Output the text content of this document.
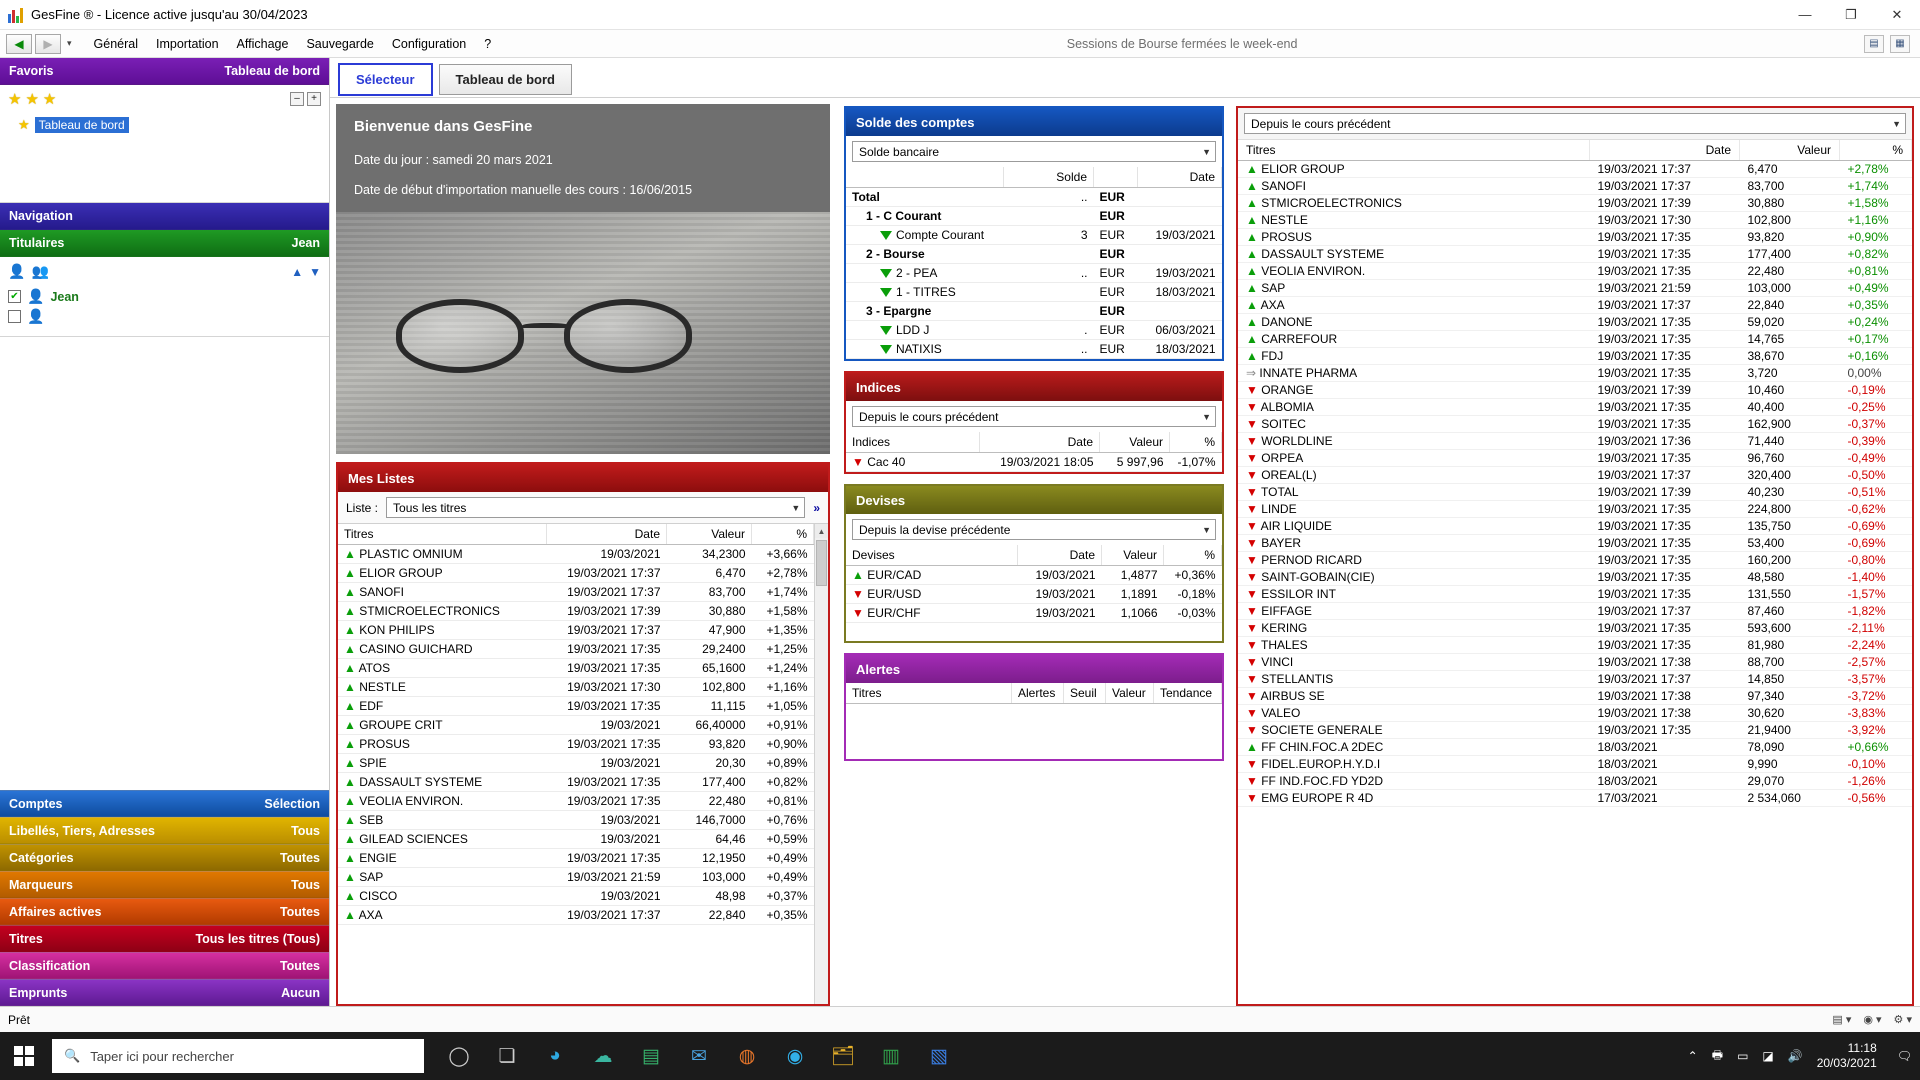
GesFine ® - Licence active jusqu'au 30/04/2023	—	❐	✕
◀	▶	▾	Général	Importation	Affichage	Sauvegarde	Configuration	?	Sessions de Bourse fermées le week-end	▤	▦
Favoris	Tableau de bord
★ ★ ★	–	+
★ Tableau de bord
Navigation
Titulaires	Jean
👤 👥	▲ ▼
✔ 👤 Jean
👤
Comptes	Sélection
Libellés, Tiers, Adresses	Tous
Catégories	Toutes
Marqueurs	Tous
Affaires actives	Toutes
Titres	Tous les titres (Tous)
Classification	Toutes
Emprunts	Aucun
Sélecteur	Tableau de bord
Bienvenue dans GesFine
Date du jour : samedi 20 mars 2021
Date de début d'importation manuelle des cours : 16/06/2015
Mes Listes
Liste : Tous les titres	▼ »
Titres	Date	Valeur	%
▲ PLASTIC OMNIUM	19/03/2021	34,2300	+3,66%
▲ ELIOR GROUP	19/03/2021 17:37	6,470	+2,78%
▲ SANOFI	19/03/2021 17:37	83,700	+1,74%
▲ STMICROELECTRONICS	19/03/2021 17:39	30,880	+1,58%
▲ KON PHILIPS	19/03/2021 17:37	47,900	+1,35%
▲ CASINO GUICHARD	19/03/2021 17:35	29,2400	+1,25%
▲ ATOS	19/03/2021 17:35	65,1600	+1,24%
▲ NESTLE	19/03/2021 17:30	102,800	+1,16%
▲ EDF	19/03/2021 17:35	11,115	+1,05%
▲ GROUPE CRIT	19/03/2021	66,40000	+0,91%
▲ PROSUS	19/03/2021 17:35	93,820	+0,90%
▲ SPIE	19/03/2021	20,30	+0,89%
▲ DASSAULT SYSTEME	19/03/2021 17:35	177,400	+0,82%
▲ VEOLIA ENVIRON.	19/03/2021 17:35	22,480	+0,81%
▲ SEB	19/03/2021	146,7000	+0,76%
▲ GILEAD SCIENCES	19/03/2021	64,46	+0,59%
▲ ENGIE	19/03/2021 17:35	12,1950	+0,49%
▲ SAP	19/03/2021 21:59	103,000	+0,49%
▲ CISCO	19/03/2021	48,98	+0,37%
▲ AXA	19/03/2021 17:37	22,840	+0,35%
▲
Solde des comptes
Solde bancaire	▼
	Solde		Date
Total	..	EUR	
1 - C Courant		EUR	
Compte Courant	3	EUR	19/03/2021
2 - Bourse		EUR	
2 - PEA	..	EUR	19/03/2021
1 - TITRES		EUR	18/03/2021
3 - Epargne		EUR	
LDD J	.	EUR	06/03/2021
NATIXIS	..	EUR	18/03/2021
Indices
Depuis le cours précédent	▼
Indices	Date	Valeur	%
▼ Cac 40	19/03/2021 18:05	5 997,96	-1,07%
Devises
Depuis la devise précédente	▼
Devises	Date	Valeur	%
▲ EUR/CAD	19/03/2021	1,4877	+0,36%
▼ EUR/USD	19/03/2021	1,1891	-0,18%
▼ EUR/CHF	19/03/2021	1,1066	-0,03%
Alertes
Titres	Alertes	Seuil	Valeur	Tendance
Depuis le cours précédent	▼
Titres	Date	Valeur	%
▲ ELIOR GROUP	19/03/2021 17:37	6,470	+2,78%
▲ SANOFI	19/03/2021 17:37	83,700	+1,74%
▲ STMICROELECTRONICS	19/03/2021 17:39	30,880	+1,58%
▲ NESTLE	19/03/2021 17:30	102,800	+1,16%
▲ PROSUS	19/03/2021 17:35	93,820	+0,90%
▲ DASSAULT SYSTEME	19/03/2021 17:35	177,400	+0,82%
▲ VEOLIA ENVIRON.	19/03/2021 17:35	22,480	+0,81%
▲ SAP	19/03/2021 21:59	103,000	+0,49%
▲ AXA	19/03/2021 17:37	22,840	+0,35%
▲ DANONE	19/03/2021 17:35	59,020	+0,24%
▲ CARREFOUR	19/03/2021 17:35	14,765	+0,17%
▲ FDJ	19/03/2021 17:35	38,670	+0,16%
⇒ INNATE PHARMA	19/03/2021 17:35	3,720	0,00%
▼ ORANGE	19/03/2021 17:39	10,460	-0,19%
▼ ALBOMIA	19/03/2021 17:35	40,400	-0,25%
▼ SOITEC	19/03/2021 17:35	162,900	-0,37%
▼ WORLDLINE	19/03/2021 17:36	71,440	-0,39%
▼ ORPEA	19/03/2021 17:35	96,760	-0,49%
▼ OREAL(L)	19/03/2021 17:37	320,400	-0,50%
▼ TOTAL	19/03/2021 17:39	40,230	-0,51%
▼ LINDE	19/03/2021 17:35	224,800	-0,62%
▼ AIR LIQUIDE	19/03/2021 17:35	135,750	-0,69%
▼ BAYER	19/03/2021 17:35	53,400	-0,69%
▼ PERNOD RICARD	19/03/2021 17:35	160,200	-0,80%
▼ SAINT-GOBAIN(CIE)	19/03/2021 17:35	48,580	-1,40%
▼ ESSILOR INT	19/03/2021 17:35	131,550	-1,57%
▼ EIFFAGE	19/03/2021 17:37	87,460	-1,82%
▼ KERING	19/03/2021 17:35	593,600	-2,11%
▼ THALES	19/03/2021 17:35	81,980	-2,24%
▼ VINCI	19/03/2021 17:38	88,700	-2,57%
▼ STELLANTIS	19/03/2021 17:37	14,850	-3,57%
▼ AIRBUS SE	19/03/2021 17:38	97,340	-3,72%
▼ VALEO	19/03/2021 17:38	30,620	-3,83%
▼ SOCIETE GENERALE	19/03/2021 17:35	21,9400	-3,92%
▲ FF CHIN.FOC.A 2DEC	18/03/2021	78,090	+0,66%
▼ FIDEL.EUROP.H.Y.D.I	18/03/2021	9,990	-0,10%
▼ FF IND.FOC.FD YD2D	18/03/2021	29,070	-1,26%
▼ EMG EUROPE R 4D	17/03/2021	2 534,060	-0,56%
Prêt	▤ ▾ ◉ ▾ ⚙ ▾
🔍 Taper ici pour rechercher	◯	❏	◕	☁	▤	✉	◍	◉	🗂	▥	▧	⌃ 🖶 ▭ ◪ 🔊
11:18
20/03/2021 🗨
